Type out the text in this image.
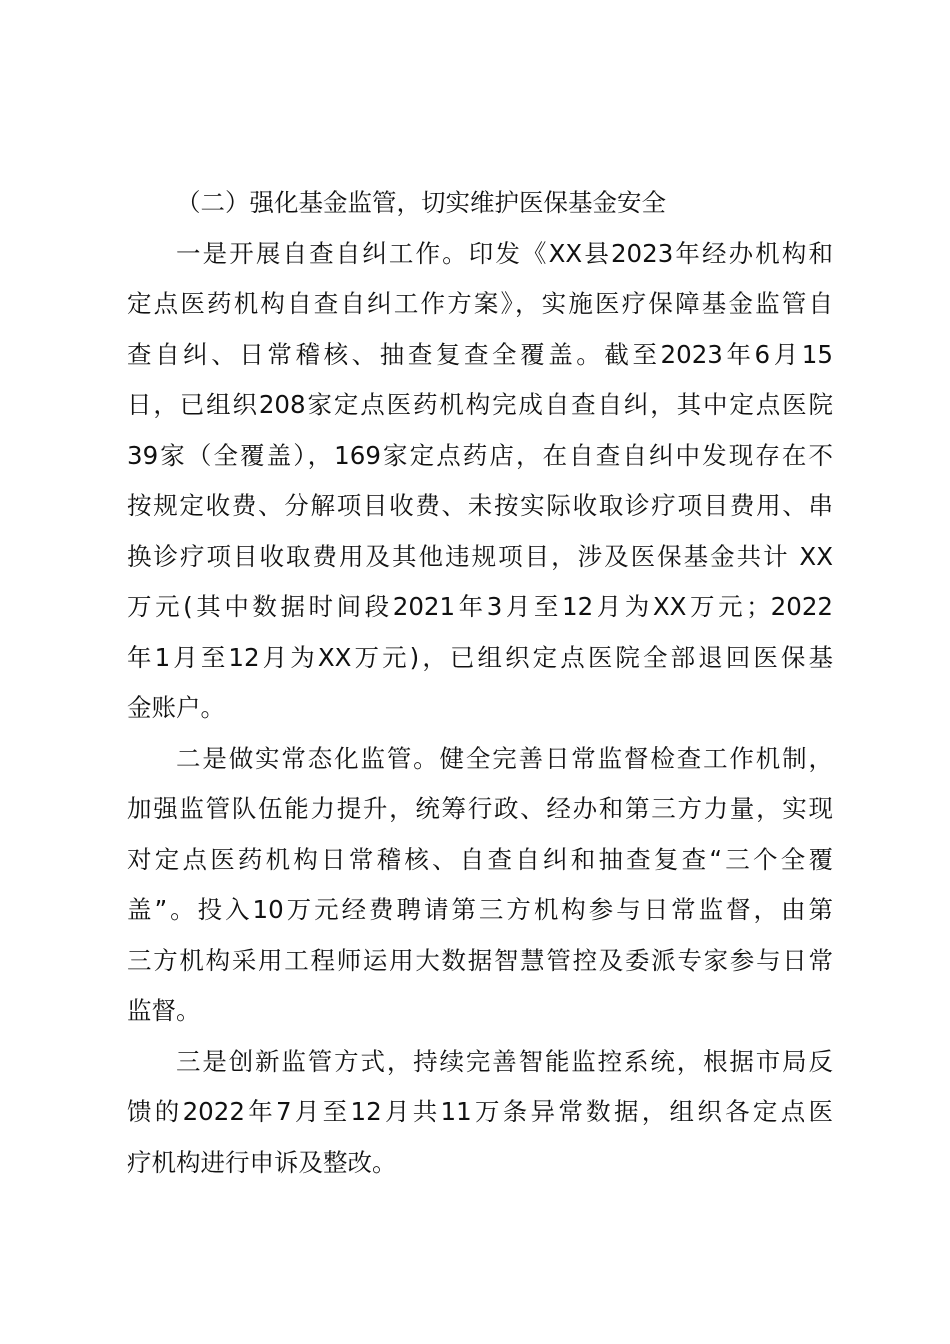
（二）强化基金监管，切实维护医保基金安全
一是开展自查自纠工作。印发《XX县2023年经办机构和
定点医药机构自查自纠工作方案》，实施医疗保障基金监管自
查自纠、日常稽核、抽查复查全覆盖。截至2023年6月15
日，已组织208家定点医药机构完成自查自纠，其中定点医院
39家（全覆盖），169家定点药店，在自查自纠中发现存在不
按规定收费、分解项目收费、未按实际收取诊疗项目费用、串
换诊疗项目收取费用及其他违规项目，涉及医保基金共计 XX
万元(其中数据时间段2021年3月至12月为XX万元；2022
年1月至12月为XX万元)，已组织定点医院全部退回医保基
金账户。
二是做实常态化监管。健全完善日常监督检查工作机制，
加强监管队伍能力提升，统筹行政、经办和第三方力量，实现
对定点医药机构日常稽核、自查自纠和抽查复查“三个全覆
盖”。投入10万元经费聘请第三方机构参与日常监督，由第
三方机构采用工程师运用大数据智慧管控及委派专家参与日常
监督。
三是创新监管方式，持续完善智能监控系统，根据市局反
馈的2022年7月至12月共11万条异常数据，组织各定点医
疗机构进行申诉及整改。
